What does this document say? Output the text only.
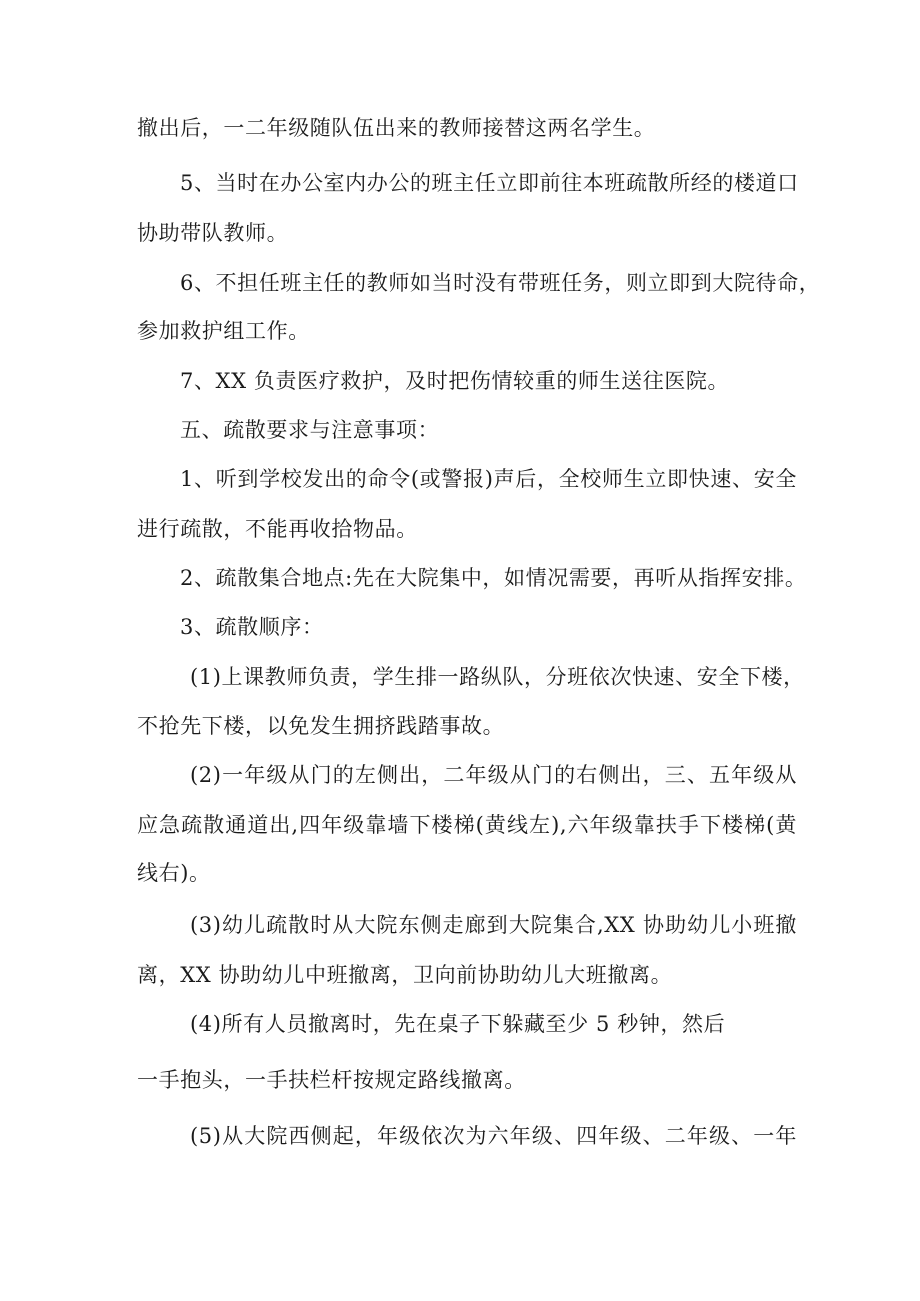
撤出后，一二年级随队伍出来的教师接替这两名学生。
5、当时在办公室内办公的班主任立即前往本班疏散所经的楼道口
协助带队教师。
6、不担任班主任的教师如当时没有带班任务，则立即到大院待命，
参加救护组工作。
7、XX 负责医疗救护，及时把伤情较重的师生送往医院。
五、疏散要求与注意事项：
1、听到学校发出的命令(或警报)声后，全校师生立即快速、安全
进行疏散，不能再收拾物品。
2、疏散集合地点:先在大院集中，如情况需要，再听从指挥安排。
3、疏散顺序：
(1)上课教师负责，学生排一路纵队，分班依次快速、安全下楼，
不抢先下楼，以免发生拥挤践踏事故。
(2)一年级从门的左侧出，二年级从门的右侧出，三、五年级从
应急疏散通道出,四年级靠墙下楼梯(黄线左),六年级靠扶手下楼梯(黄
线右)。
(3)幼儿疏散时从大院东侧走廊到大院集合,XX 协助幼儿小班撤
离，XX 协助幼儿中班撤离，卫向前协助幼儿大班撤离。
(4)所有人员撤离时，先在桌子下躲藏至少 5 秒钟，然后
一手抱头，一手扶栏杆按规定路线撤离。
(5)从大院西侧起，年级依次为六年级、四年级、二年级、一年
